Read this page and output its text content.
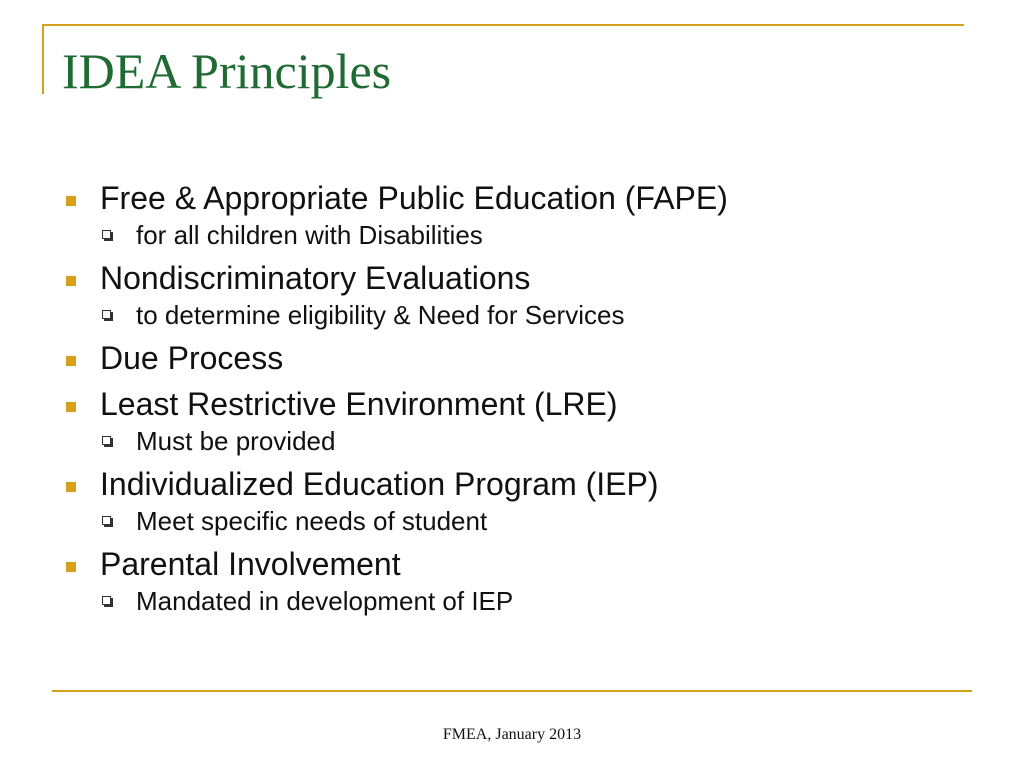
IDEA Principles
Free & Appropriate Public Education (FAPE)
for all children with Disabilities
Nondiscriminatory Evaluations
to determine eligibility & Need for Services
Due Process
Least Restrictive Environment (LRE)
Must be provided
Individualized Education Program (IEP)
Meet specific needs of student
Parental Involvement
Mandated in development of IEP
FMEA, January 2013
